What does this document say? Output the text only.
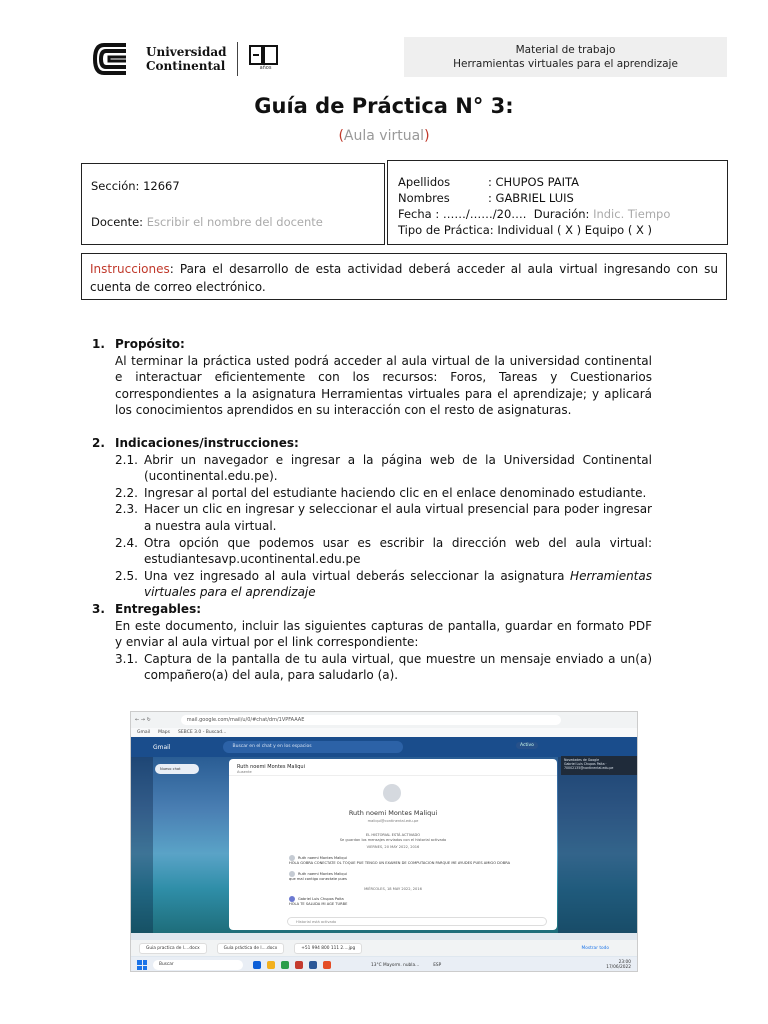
Universidad
Continental	años
Material de trabajo
Herramientas virtuales para el aprendizaje
Guía de Práctica N° 3:
(Aula virtual)
Sección: 12667
Docente: Escribir el nombre del docente
Apellidos	: CHUPOS PAITA
Nombres	: GABRIEL LUIS
Fecha : ……/……/20…. Duración: Indic. Tiempo
Tipo de Práctica: Individual ( X ) Equipo ( X )
Instrucciones: Para el desarrollo de esta actividad deberá acceder al aula virtual ingresando con su cuenta de correo electrónico.
1. Propósito:
Al terminar la práctica usted podrá acceder al aula virtual de la universidad continental e interactuar eficientemente con los recursos: Foros, Tareas y Cuestionarios correspondientes a la asignatura Herramientas virtuales para el aprendizaje; y aplicará los conocimientos aprendidos en su interacción con el resto de asignaturas.
2. Indicaciones/instrucciones:
2.1. Abrir un navegador e ingresar a la página web de la Universidad Continental (ucontinental.edu.pe).
2.2. Ingresar al portal del estudiante haciendo clic en el enlace denominado estudiante.
2.3. Hacer un clic en ingresar y seleccionar el aula virtual presencial para poder ingresar a nuestra aula virtual.
2.4. Otra opción que podemos usar es escribir la dirección web del aula virtual: estudiantesavp.ucontinental.edu.pe
2.5. Una vez ingresado al aula virtual deberás seleccionar la asignatura Herramientas virtuales para el aprendizaje
3. Entregables:
En este documento, incluir las siguientes capturas de pantalla, guardar en formato PDF y enviar al aula virtual por el link correspondiente:
3.1. Captura de la pantalla de tu aula virtual, que muestre un mensaje enviado a un(a) compañero(a) del aula, para saludarlo (a).
←
→
↻	mail.google.com/mail/u/0/#chat/dm/1VPFAAAE
Gmail Maps SEBCE 3.0 - Buscad...
Gmail	Buscar en el chat y en los espacios	Activo
Nuevo chat
Novedades de Google
Gabriel Luis Chupos Paita · 70002135@continental.edu.pe
Ruth noemi Montes Maliqui
Ausente
Ruth noemi Montes Maliqui
maliqui@continental.edu.pe
EL HISTORIAL ESTÁ ACTIVADO
Se guardan los mensajes enviados con el historial activado
VIERNES, 20 MAY 2022, 2016
Ruth noemi Montes Maliqui
HOLA GOBRA CONECTATE OL TOQUE PUE TENGO UN EXAMEN DE COMPUTACION PARQUE ME AYUDES PUES AMIGO DOBRA
Ruth noemi Montes Maliqui
que mal contigo conectate pues
MIÉRCOLES, 18 MAY 2022, 2016
Gabriel Luis Chupos Paita
HOLA TE SALUDA MI AGE TURBE
Historial está activado
Guia practica de l....docx	Guía práctica de l....docx	+51 994 800 111 2....jpg	Mostrar todo
Buscar	13°C Mayorm. nubla...	ESP	23:00
17/06/2022
